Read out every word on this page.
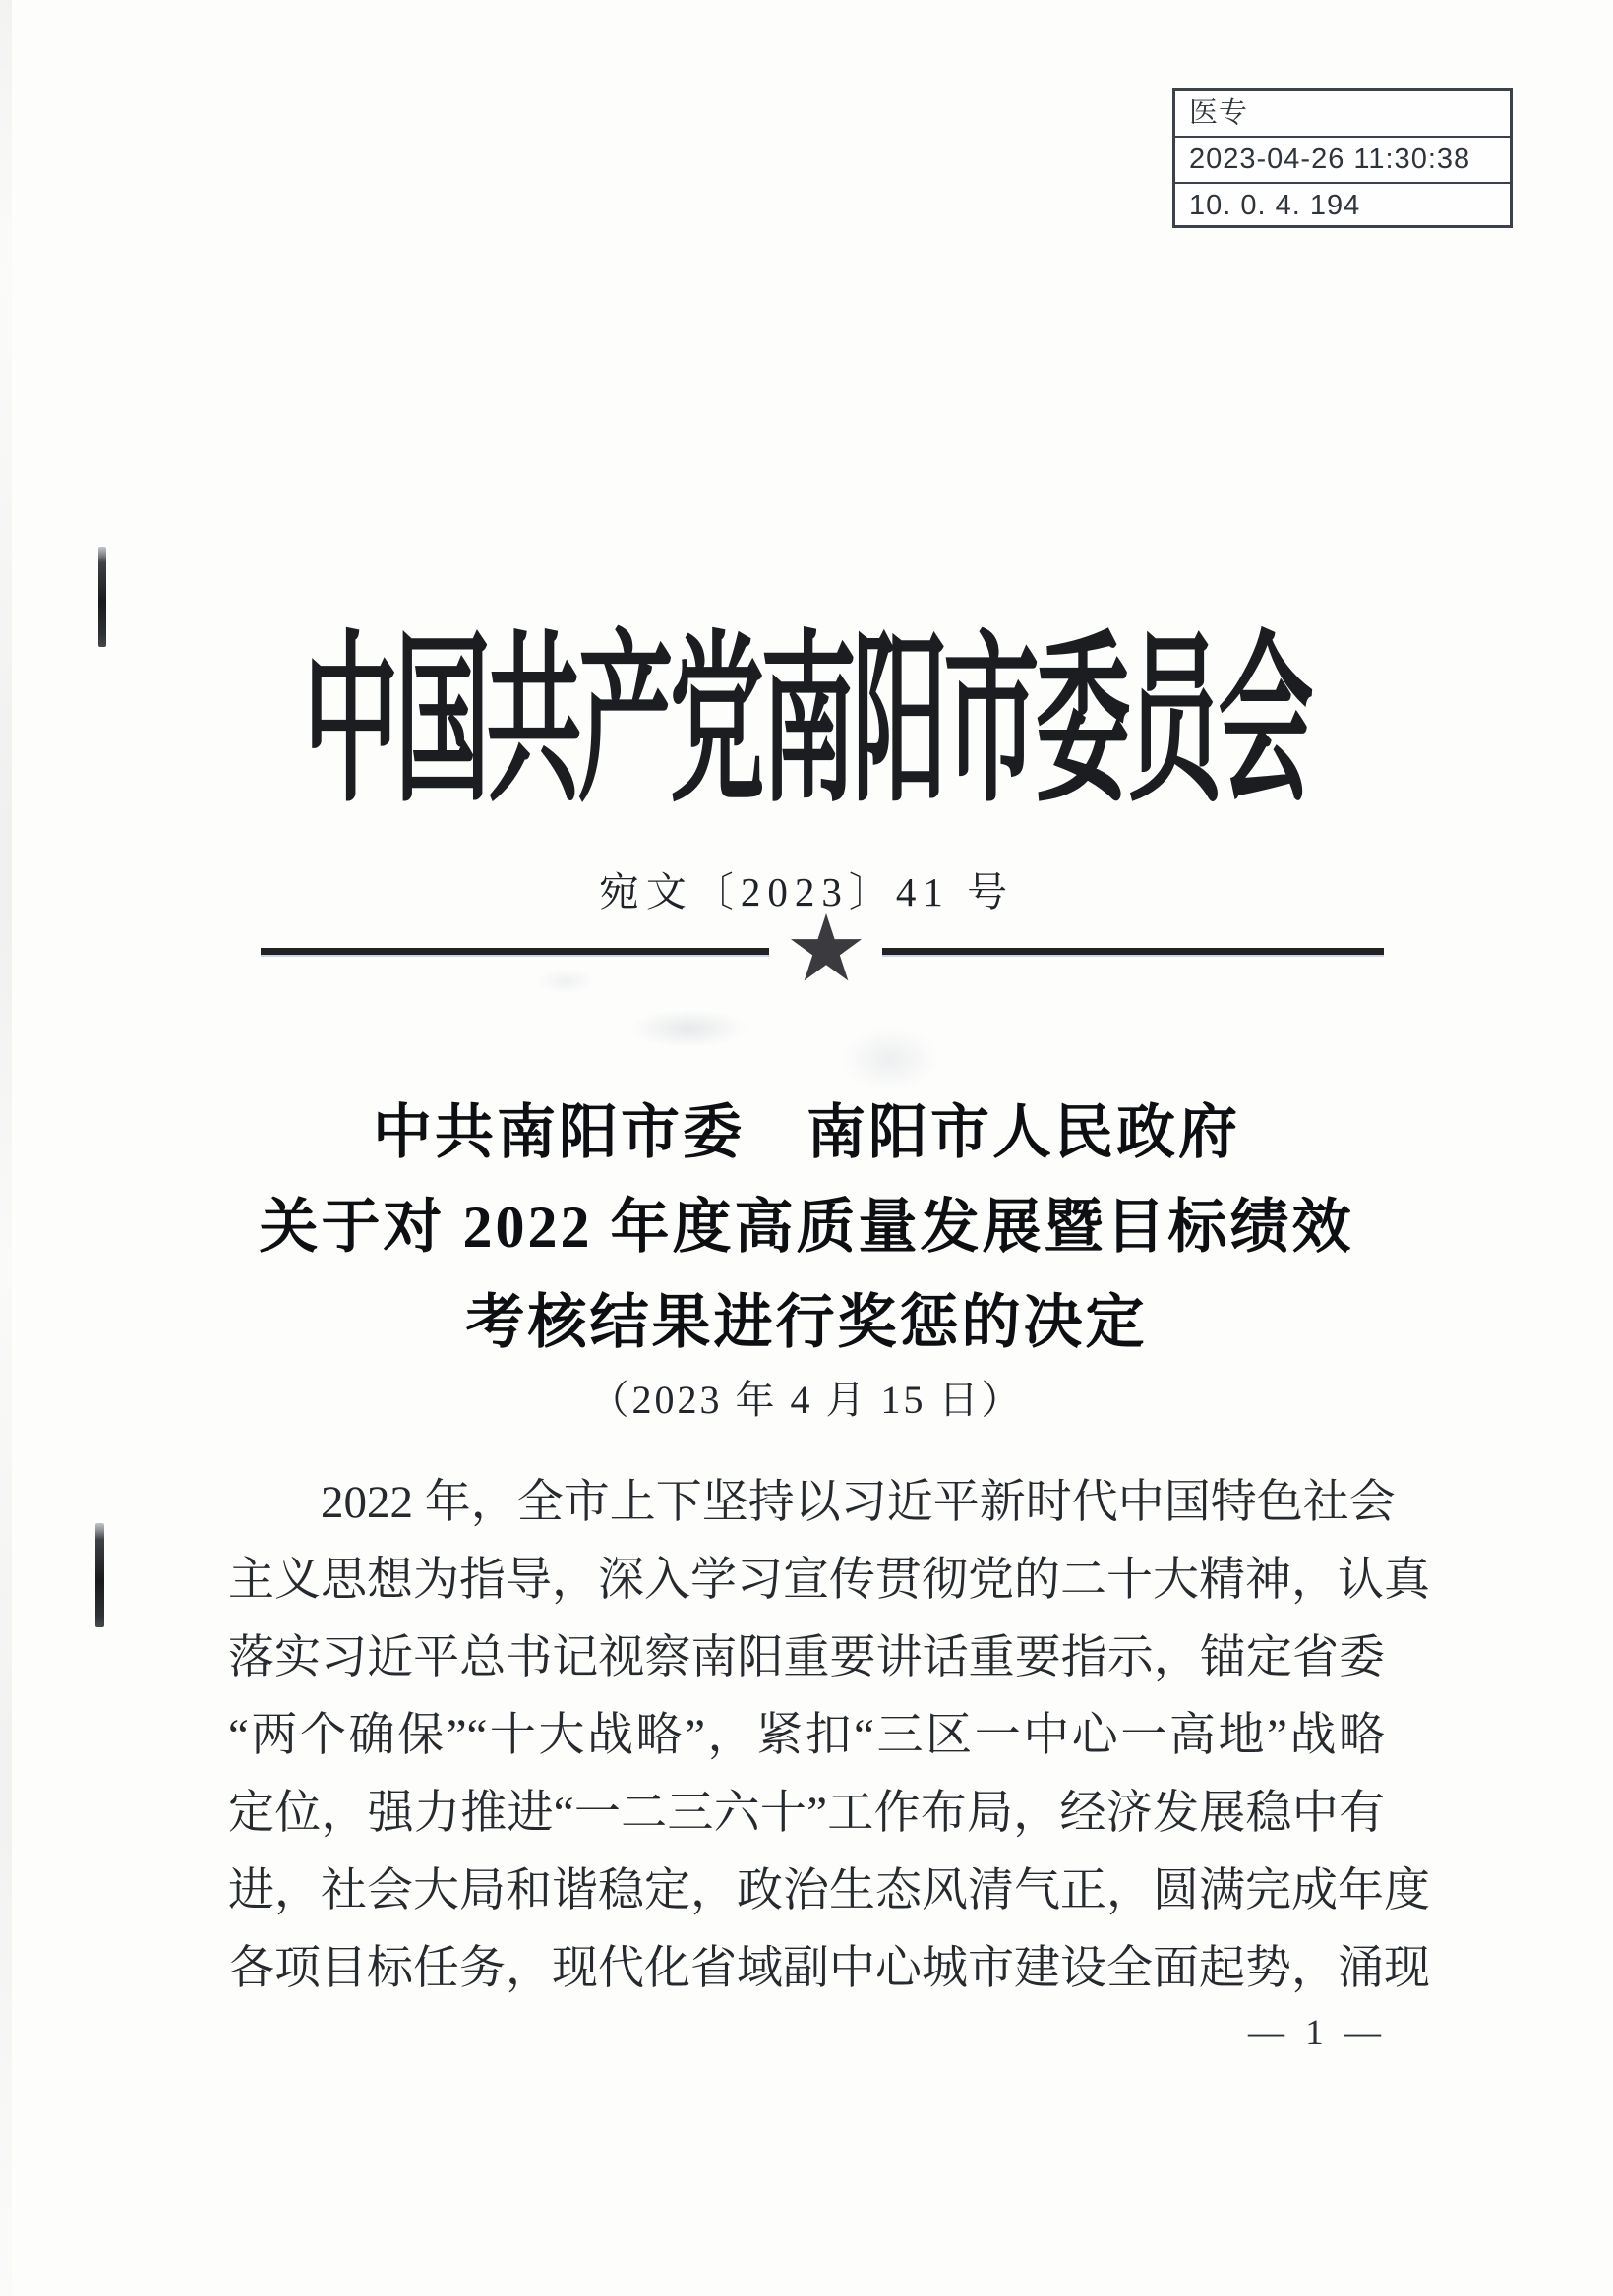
医专
2023-04-26 11:30:38
10. 0. 4. 194
中国共产党南阳市委员会
宛文〔2023〕41 号
★
中共南阳市委　南阳市人民政府
关于对 2022 年度高质量发展暨目标绩效
考核结果进行奖惩的决定
（2023 年 4 月 15 日）
2022 年，全市上下坚持以习近平新时代中国特色社会
主义思想为指导，深入学习宣传贯彻党的二十大精神，认真
落实习近平总书记视察南阳重要讲话重要指示，锚定省委
“两个确保”“十大战略”，紧扣“三区一中心一高地”战略
定位，强力推进“一二三六十”工作布局，经济发展稳中有
进，社会大局和谐稳定，政治生态风清气正，圆满完成年度
各项目标任务，现代化省域副中心城市建设全面起势，涌现
— 1 —
